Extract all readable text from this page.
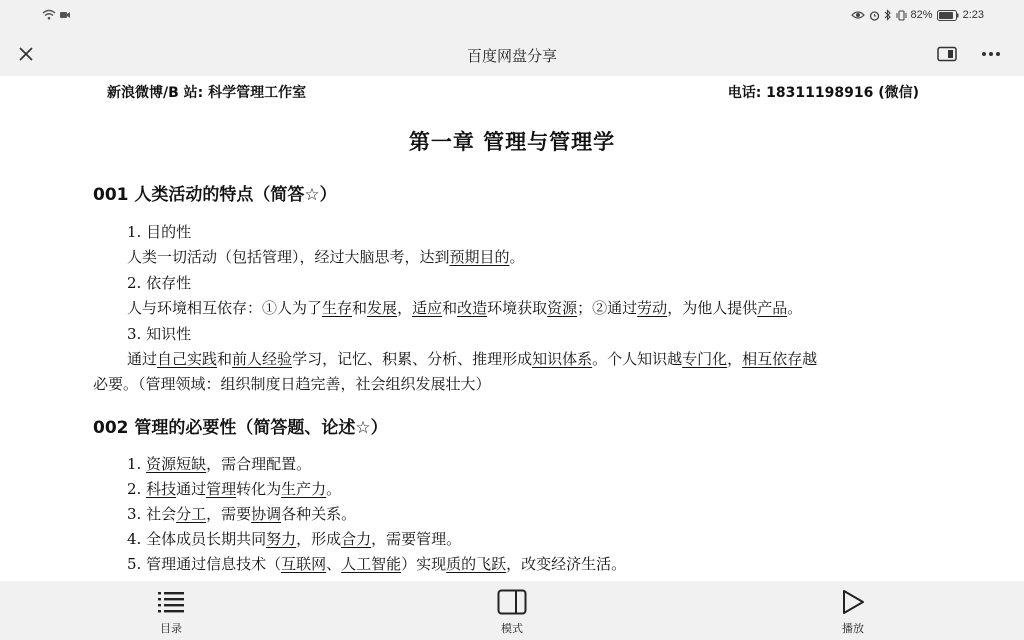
82%	2:23
百度网盘分享
新浪微博/B 站: 科学管理工作室	电话: 18311198916 (微信)
第一章 管理与管理学
001 人类活动的特点（简答☆）
1. 目的性
人类一切活动（包括管理），经过大脑思考，达到预期目的。
2. 依存性
人与环境相互依存：①人为了生存和发展，适应和改造环境获取资源；②通过劳动，为他人提供产品。
3. 知识性
通过自己实践和前人经验学习，记忆、积累、分析、推理形成知识体系。个人知识越专门化，相互依存越
必要。（管理领域：组织制度日趋完善，社会组织发展壮大）
002 管理的必要性（简答题、论述☆）
1. 资源短缺，需合理配置。
2. 科技通过管理转化为生产力。
3. 社会分工，需要协调各种关系。
4. 全体成员长期共同努力，形成合力，需要管理。
5. 管理通过信息技术（互联网、人工智能）实现质的飞跃，改变经济生活。
目录	模式	播放
